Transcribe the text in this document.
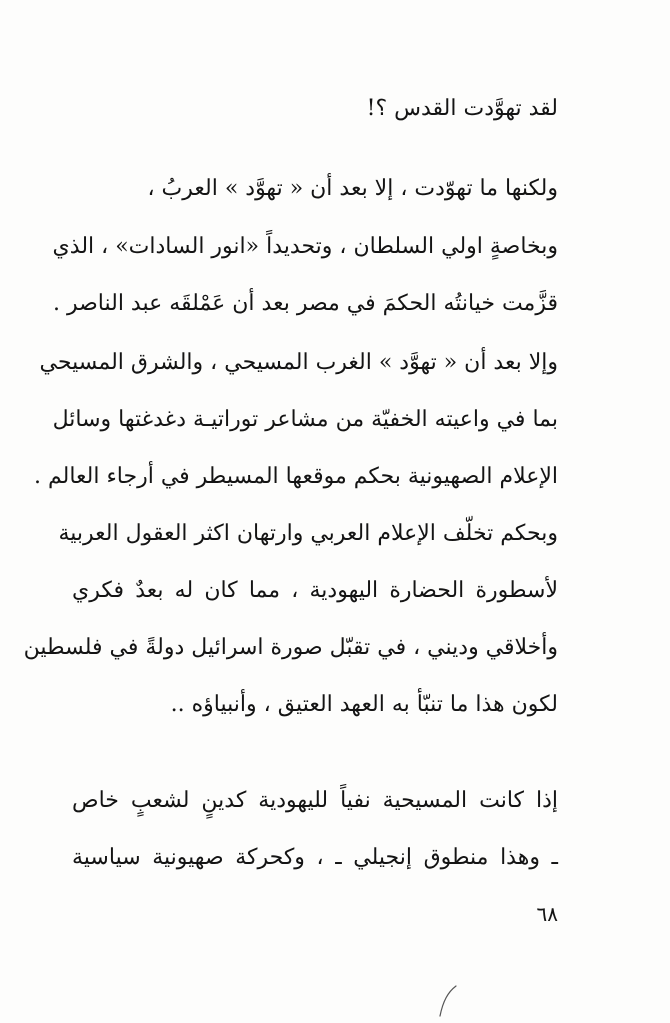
لقد تهوَّدت القدس ؟!
ولكنها ما تهوّدت ، إلا بعد أن « تهوَّد » العربُ ،
وبخاصةٍ اولي السلطان ، وتحديداً «انور السادات» ، الذي
قزَّمت خيانتُه الحكمَ في مصر بعد أن عَمْلقَه عبد الناصر .
وإلا بعد أن « تهوَّد » الغرب المسيحي ، والشرق المسيحي
بما في واعيته الخفيّة من مشاعر توراتيـة دغدغتها وسائل
الإعلام الصهيونية بحكم موقعها المسيطر في أرجاء العالم .
وبحكم تخلّف الإعلام العربي وارتهان اكثر العقول العربية
لأسطورة الحضارة اليهودية ، مما كان له بعدٌ فكري
وأخلاقي وديني ، في تقبّل صورة اسرائيل دولةً في فلسطين
لكون هذا ما تنبّأ به العهد العتيق ، وأنبياؤه ..
إذا كانت المسيحية نفياً لليهودية كدينٍ لشعبٍ خاص
ـ وهذا منطوق إنجيلي ـ ، وكحركة صهيونية سياسية
٦٨
